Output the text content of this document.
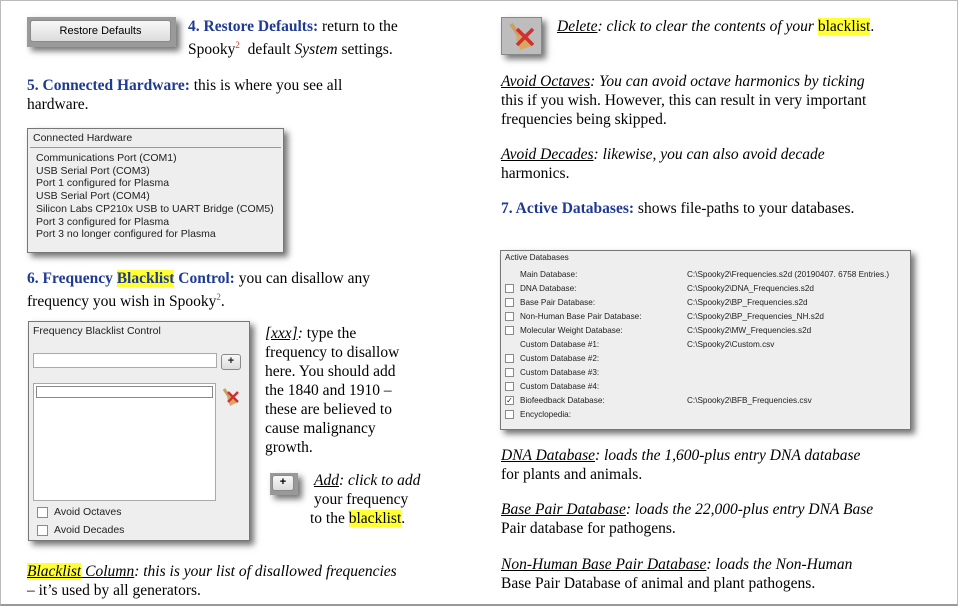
Restore Defaults	4. Restore Defaults: return to the
Spooky$^2$  default System settings.
5. Connected Hardware: this is where you see all
hardware.
Connected Hardware
Communications Port (COM1)
USB Serial Port (COM3)
Port 1 configured for Plasma
USB Serial Port (COM4)
Silicon Labs CP210x USB to UART Bridge (COM5)
Port 3 configured for Plasma
Port 3 no longer configured for Plasma
6. Frequency Blacklist Control: you can disallow any
frequency you wish in Spooky$^2$.
Frequency Blacklist Control
+
Avoid Octaves
Avoid Decades
[xxx]: type the
frequency to disallow
here. You should add
the 1840 and 1910 –
these are believed to
cause malignancy
growth.
+	Add: click to add
your frequency
to the blacklist.
Blacklist Column: this is your list of disallowed frequencies
– it’s used by all generators.
Delete: click to clear the contents of your blacklist.
Avoid Octaves: You can avoid octave harmonics by ticking
this if you wish. However, this can result in very important
frequencies being skipped.
Avoid Decades: likewise, you can also avoid decade
harmonics.
7. Active Databases: shows file-paths to your databases.
Active Databases
Main Database:	C:\Spooky2\Frequencies.s2d (20190407. 6758 Entries.)
DNA Database:	C:\Spooky2\DNA_Frequencies.s2d
Base Pair Database:	C:\Spooky2\BP_Frequencies.s2d
Non-Human Base Pair Database:	C:\Spooky2\BP_Frequencies_NH.s2d
Molecular Weight Database:	C:\Spooky2\MW_Frequencies.s2d
Custom Database #1:	C:\Spooky2\Custom.csv
Custom Database #2:
Custom Database #3:
Custom Database #4:
✓ Biofeedback Database:	C:\Spooky2\BFB_Frequencies.csv
Encyclopedia:
DNA Database: loads the 1,600-plus entry DNA database
for plants and animals.
Base Pair Database: loads the 22,000-plus entry DNA Base
Pair database for pathogens.
Non-Human Base Pair Database: loads the Non-Human
Base Pair Database of animal and plant pathogens.
